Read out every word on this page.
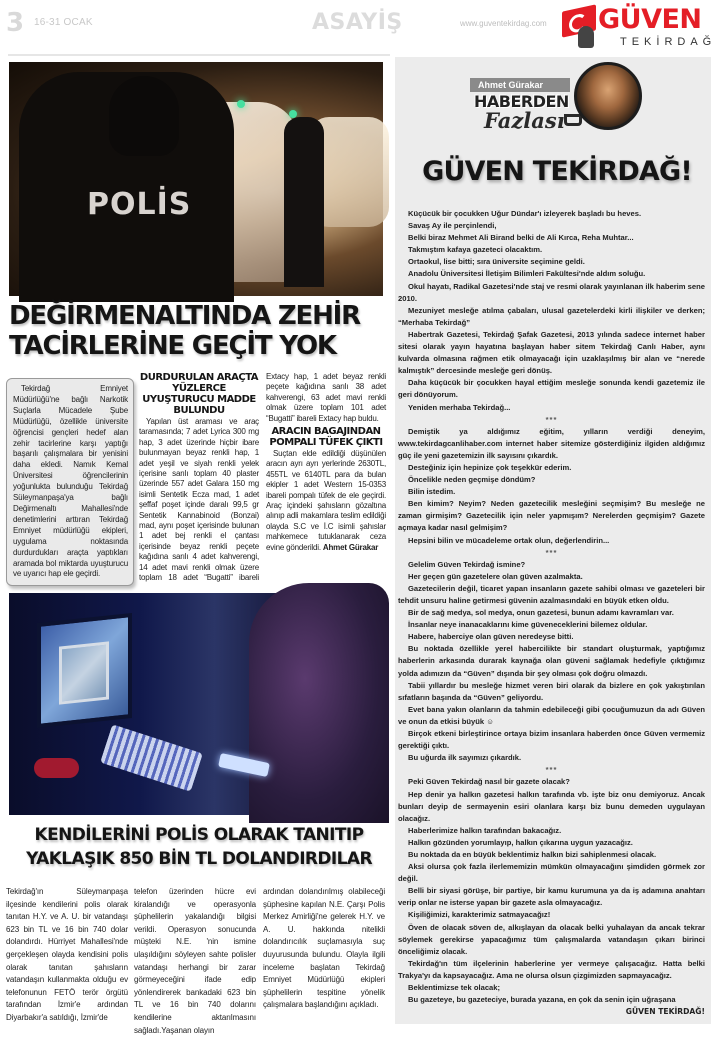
3 16-31 OCAK	ASAYİŞ	www.guventekirdag.com GÜVEN
TEKİRDAĞ
POLİS
DEĞİRMENALTINDA ZEHİR TACİRLERİNE GEÇİT YOK

Tekirdağ Emniyet Müdürlüğü'ne bağlı Narkotik Suçlarla Mücadele Şube Müdürlüğü, özellikle üniversite öğrencisi gençleri hedef alan zehir tacirlerine karşı yaptığı başarılı çalışmalara bir yenisini daha ekledi. Namık Kemal Üniversitesi öğrencilerinin yoğunlukta bulunduğu Tekirdağ Süleymanpaşa'ya bağlı Değirmenaltı Mahallesi'nde denetimlerini arttıran Tekirdağ Emniyet müdürlüğü ekipleri, uygulama noktasında durdurdukları araçta yaptıkları aramada bol miktarda uyuşturucu ve uyarıcı hap ele geçirdi.

DURDURULAN ARAÇTA YÜZLERCE UYUŞTURUCU MADDE BULUNDU

Yapılan üst araması ve araç taramasında; 7 adet Lyrica 300 mg hap, 3 adet üzerinde hiçbir ibare bulunmayan beyaz renkli hap, 1 adet yeşil ve siyah renkli yelek içerisine sarılı toplam 40 plaster üzerinde 557 adet Galara 150 mg isimli Sentetik Ecza mad, 1 adet şeffaf poşet içinde daralı 99,5 gr Sentetik Kannabinoid (Bonzai) mad, aynı poşet içerisinde bulunan 1 adet bej renkli el çantası içerisinde beyaz renkli peçete kağıdına sarılı 4 adet kahverengi, 14 adet mavi renkli olmak üzere toplam 18 adet “Bugatti” ibareli Extacy hap, 1 adet beyaz renkli peçete kağıdına sarılı 38 adet kahverengi, 63 adet mavi renkli olmak üzere toplam 101 adet “Bugatti” ibareli Extacy hap buldu.

ARACIN BAGAJINDAN POMPALI TÜFEK ÇIKTI

Suçtan elde edildiği düşünülen aracın ayrı ayrı yerlerinde 2630TL, 455TL ve 6140TL para da bulan ekipler 1 adet Western 15-0353 ibareli pompalı tüfek de ele geçirdi. Araç içindeki şahısların gözaltına alınıp adli makamlara teslim edildiği olayda S.C ve İ.C isimli şahıslar mahkemece tutuklanarak ceza evine gönderildi. Ahmet Gürakar

KENDİLERİNİ POLİS OLARAK TANITIP YAKLAŞIK 850 BİN TL DOLANDIRDILAR

Tekirdağ'ın Süleymanpaşa ilçesinde kendilerini polis olarak tanıtan H.Y. ve A. U. bir vatandaşı 623 bin TL ve 16 bin 740 dolar dolandırdı. Hürriyet Mahallesi'nde gerçekleşen olayda kendisini polis olarak tanıtan şahısların vatandaşın kullanmakta olduğu ev telefonunun FETÖ terör örgütü tarafından İzmir'e ardından Diyarbakır'a satıldığı, İzmir'de

telefon üzerinden hücre evi kiralandığı ve operasyonla şüphelilerin yakalandığı bilgisi verildi. Operasyon sonucunda müşteki N.E. 'nin ismine ulaşıldığını söyleyen sahte polisler vatandaşı herhangi bir zarar görmeyeceğini ifade edip yönlendirerek bankadaki 623 bin TL ve 16 bin 740 dolarını kendilerine aktarılmasını sağladı.Yaşanan olayın

ardından dolandırılmış olabileceği şüphesine kapılan N.E. Çarşı Polis Merkez Amirliği'ne gelerek H.Y. ve A. U. hakkında nitelikli dolandırıcılık suçlamasıyla suç duyurusunda bulundu. Olayla ilgili inceleme başlatan Tekirdağ Emniyet Müdürlüğü ekipleri şüphelilerin tespitine yönelik çalışmalara başlandığını açıkladı.

Ahmet Gürakar
HABERDEN
Fazlası
GÜVEN TEKİRDAĞ!

Küçücük bir çocukken Uğur Dündar'ı izleyerek başladı bu heves.

Savaş Ay ile perçinlendi,

Belki biraz Mehmet Ali Birand belki de Ali Kırca, Reha Muhtar...

Takmıştım kafaya gazeteci olacaktım.

Ortaokul, lise bitti; sıra üniversite seçimine geldi.

Anadolu Üniversitesi İletişim Bilimleri Fakültesi'nde aldım soluğu.

Okul hayatı, Radikal Gazetesi'nde staj ve resmi olarak yayınlanan ilk haberim sene 2010.

Mezuniyet mesleğe atılma çabaları, ulusal gazetelerdeki kirli ilişkiler ve derken; “Merhaba Tekirdağ”

Habertrak Gazetesi, Tekirdağ Şafak Gazetesi, 2013 yılında sadece internet haber sitesi olarak yayın hayatına başlayan haber sitem Tekirdağ Canlı Haber, aynı kulvarda olmasına rağmen etik olmayacağı için uzaklaşılmış bir alan ve “nerede kalmıştık” dercesinde mesleğe geri dönüş.

Daha küçücük bir çocukken hayal ettiğim mesleğe sonunda kendi gazetemiz ile geri dönüyorum.

Yeniden merhaba Tekirdağ...

***

Demiştik ya aldığımız eğitim, yılların verdiği deneyim, www.tekirdagcanlihaber.com internet haber sitemize gösterdiğiniz ilgiden aldığımız güç ile yeni gazetemizin ilk sayısını çıkardık.

Desteğiniz için hepinize çok teşekkür ederim.

Öncelikle neden geçmişe döndüm?

Bilin istedim.

Ben kimim? Neyim? Neden gazetecilik mesleğini seçmişim? Bu mesleğe ne zaman girmişim? Gazetecilik için neler yapmışım? Nerelerden geçmişim? Gazete açmaya kadar nasıl gelmişim?

Hepsini bilin ve mücadeleme ortak olun, değerlendirin...

***

Gelelim Güven Tekirdağ ismine?

Her geçen gün gazetelere olan güven azalmakta.

Gazetecilerin değil, ticaret yapan insanların gazete sahibi olması ve gazeteleri bir tehdit unsuru haline getirmesi güvenin azalmasındaki en büyük etken oldu.

Bir de sağ medya, sol medya, onun gazetesi, bunun adamı kavramları var.

İnsanlar neye inanacaklarını kime güveneceklerini bilemez oldular.

Habere, haberciye olan güven neredeyse bitti.

Bu noktada özellikle yerel habercilikte bir standart oluşturmak, yaptığımız haberlerin arkasında durarak kaynağa olan güveni sağlamak hedefiyle çıktığımız yolda adımızın da “Güven” dışında bir şey olması çok doğru olmazdı.

Tabii yıllardır bu mesleğe hizmet veren biri olarak da bizlere en çok yakıştırılan sıfatların başında da “Güven” geliyordu.

Evet bana yakın olanların da tahmin edebileceği gibi çocuğumuzun da adı Güven ve onun da etkisi büyük ☺

Birçok etkeni birleştirince ortaya bizim insanlara haberden önce Güven vermemiz gerektiği çıktı.

Bu uğurda ilk sayımızı çıkardık.

***

Peki Güven Tekirdağ nasıl bir gazete olacak?

Hep denir ya halkın gazetesi halkın tarafında vb. işte biz onu demiyoruz. Ancak bunları deyip de sermayenin esiri olanlara karşı biz bunu demeden uygulayan olacağız.

Haberlerimize halkın tarafından bakacağız.

Halkın gözünden yorumlayıp, halkın çıkarına uygun yazacağız.

Bu noktada da en büyük beklentimiz halkın bizi sahiplenmesi olacak.

Aksi olursa çok fazla ilerlememizin mümkün olmayacağını şimdiden görmek zor değil.

Belli bir siyasi görüşe, bir partiye, bir kamu kurumuna ya da iş adamına anahtarı verip onlar ne isterse yapan bir gazete asla olmayacağız.

Kişiliğimizi, karakterimiz satmayacağız!

Öven de olacak söven de, alkışlayan da olacak belki yuhalayan da ancak tekrar söylemek gerekirse yapacağımız tüm çalışmalarda vatandaşın çıkarı birinci önceliğimiz olacak.

Tekirdağ'ın tüm ilçelerinin haberlerine yer vermeye çalışacağız. Hatta belki Trakya'yı da kapsayacağız. Ama ne olursa olsun çizgimizden sapmayacağız.

Beklentimizse tek olacak;

Bu gazeteye, bu gazeteciye, burada yazana, en çok da senin için uğraşana

GÜVEN TEKİRDAĞ!
